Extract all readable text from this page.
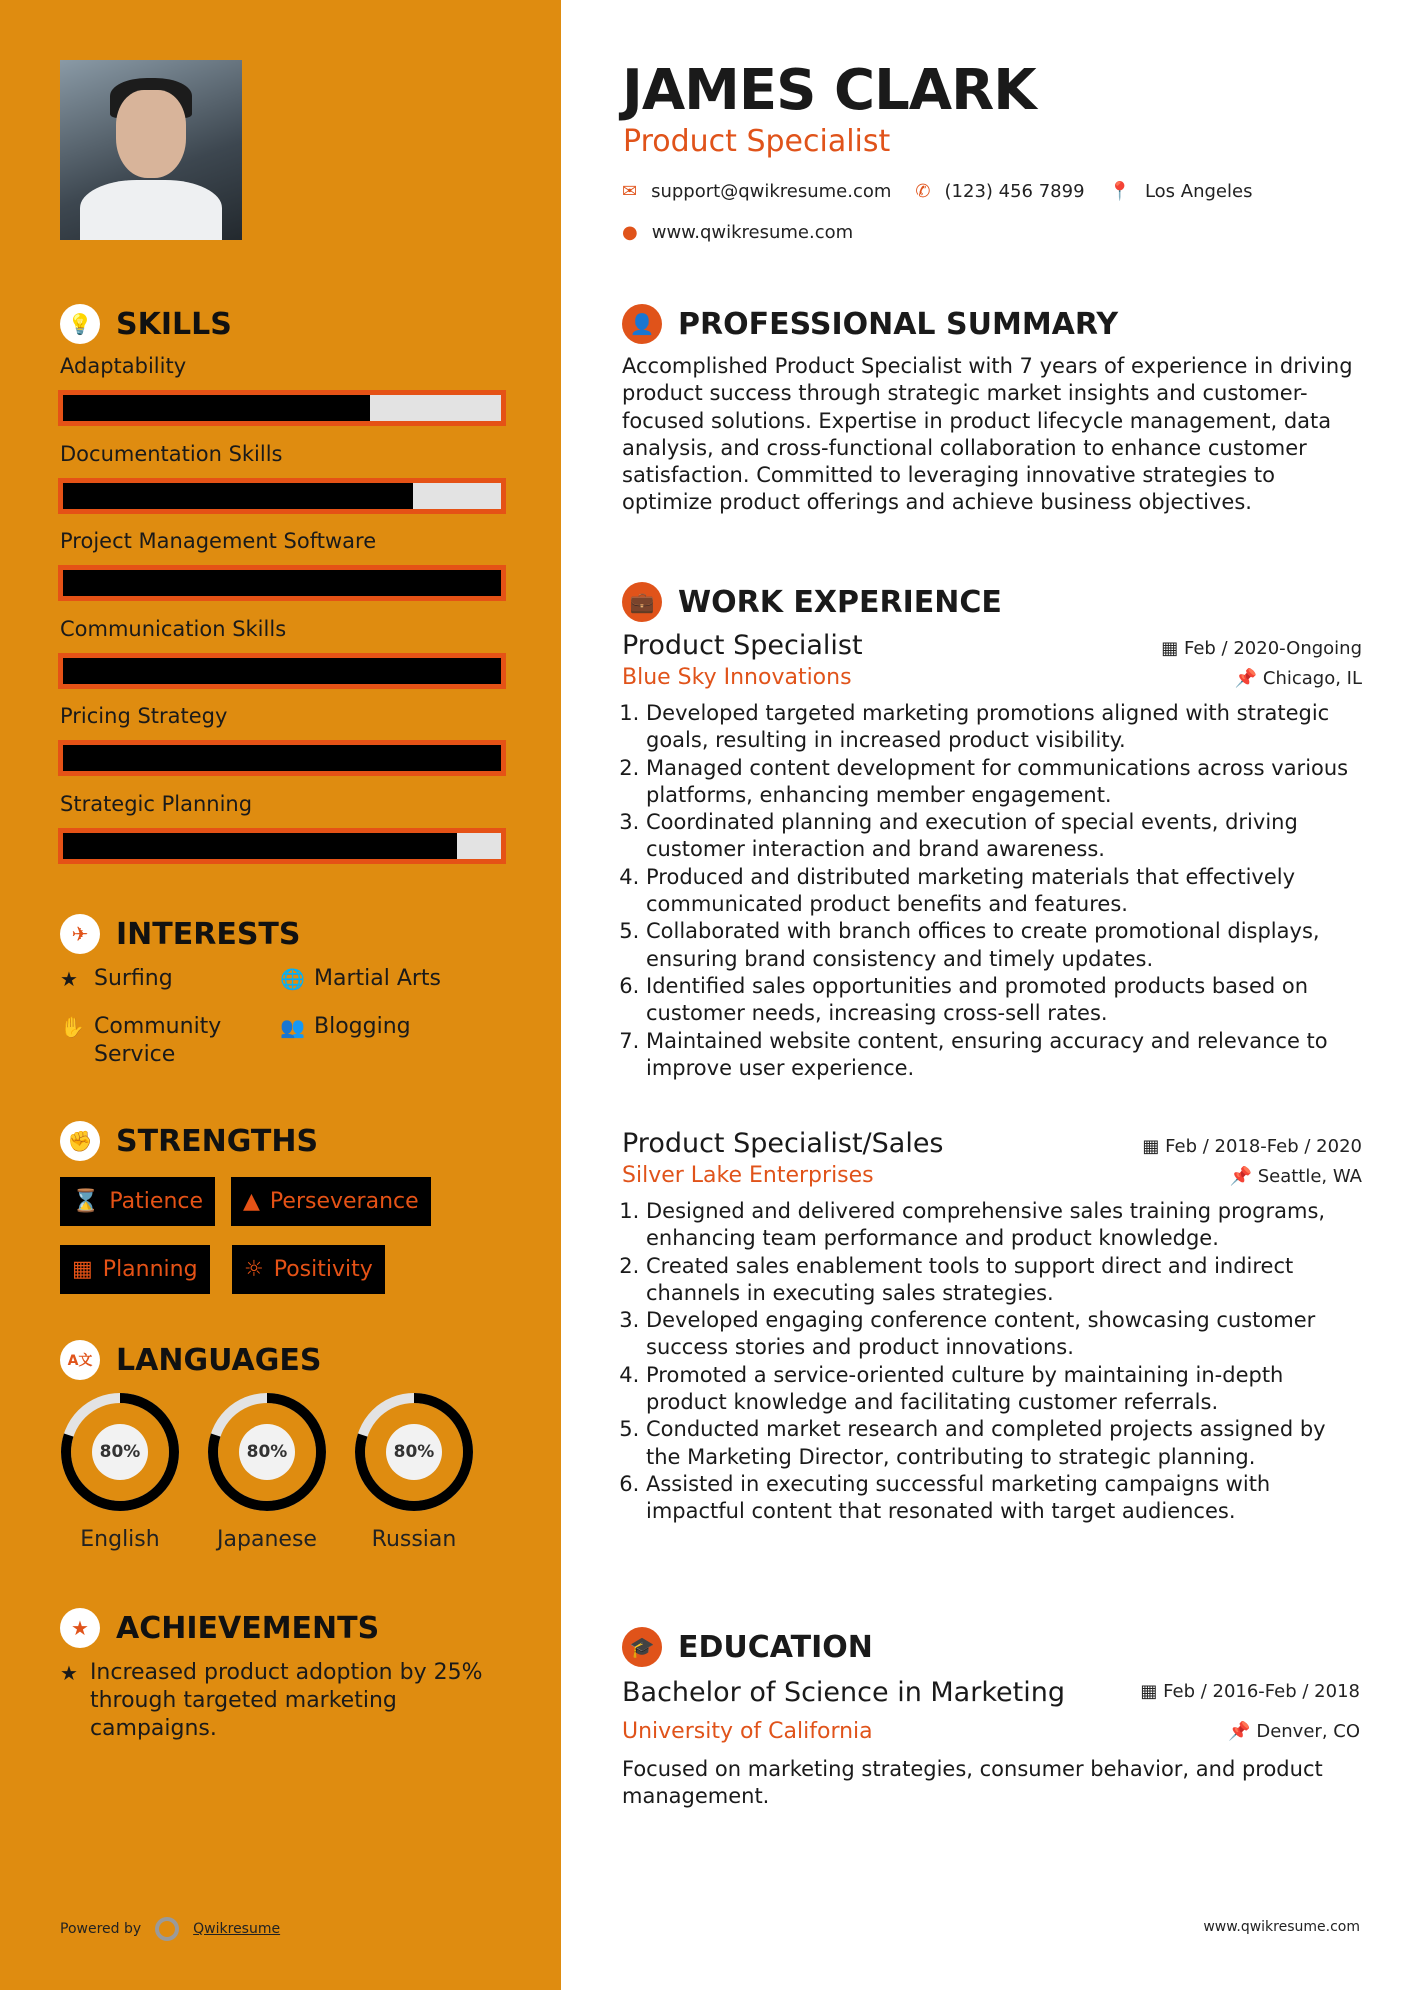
💡 SKILLS
Adaptability
Documentation Skills
Project Management Software
Communication Skills
Pricing Strategy
Strategic Planning
✈ INTERESTS
★ Surfing	🌐 Martial Arts
✋ Community Service
👥 Blogging
✊ STRENGTHS
⌛ Patience ▲ Perseverance
▦ Planning ☼ Positivity
A文 LANGUAGES
80%
English
80%
Japanese
80%
Russian
★ ACHIEVEMENTS
★ Increased product adoption by 25% through targeted marketing campaigns.
Powered by	Qwikresume
JAMES CLARK
Product Specialist
✉ support@qwikresume.com ✆ (123) 456 7899 📍 Los Angeles
● www.qwikresume.com
👤 PROFESSIONAL SUMMARY
Accomplished Product Specialist with 7 years of experience in driving product success through strategic market insights and customer-focused solutions. Expertise in product lifecycle management, data analysis, and cross-functional collaboration to enhance customer satisfaction. Committed to leveraging innovative strategies to optimize product offerings and achieve business objectives.
💼 WORK EXPERIENCE
Product Specialist	▦ Feb / 2020-Ongoing
Blue Sky Innovations	📌 Chicago, IL
1. Developed targeted marketing promotions aligned with strategic goals, resulting in increased product visibility.
2. Managed content development for communications across various platforms, enhancing member engagement.
3. Coordinated planning and execution of special events, driving customer interaction and brand awareness.
4. Produced and distributed marketing materials that effectively communicated product benefits and features.
5. Collaborated with branch offices to create promotional displays, ensuring brand consistency and timely updates.
6. Identified sales opportunities and promoted products based on customer needs, increasing cross-sell rates.
7. Maintained website content, ensuring accuracy and relevance to improve user experience.
Product Specialist/Sales	▦ Feb / 2018-Feb / 2020
Silver Lake Enterprises	📌 Seattle, WA
1. Designed and delivered comprehensive sales training programs, enhancing team performance and product knowledge.
2. Created sales enablement tools to support direct and indirect channels in executing sales strategies.
3. Developed engaging conference content, showcasing customer success stories and product innovations.
4. Promoted a service-oriented culture by maintaining in-depth product knowledge and facilitating customer referrals.
5. Conducted market research and completed projects assigned by the Marketing Director, contributing to strategic planning.
6. Assisted in executing successful marketing campaigns with impactful content that resonated with target audiences.
🎓 EDUCATION
Bachelor of Science in Marketing	▦ Feb / 2016-Feb / 2018
University of California	📌 Denver, CO
Focused on marketing strategies, consumer behavior, and product management.
www.qwikresume.com
